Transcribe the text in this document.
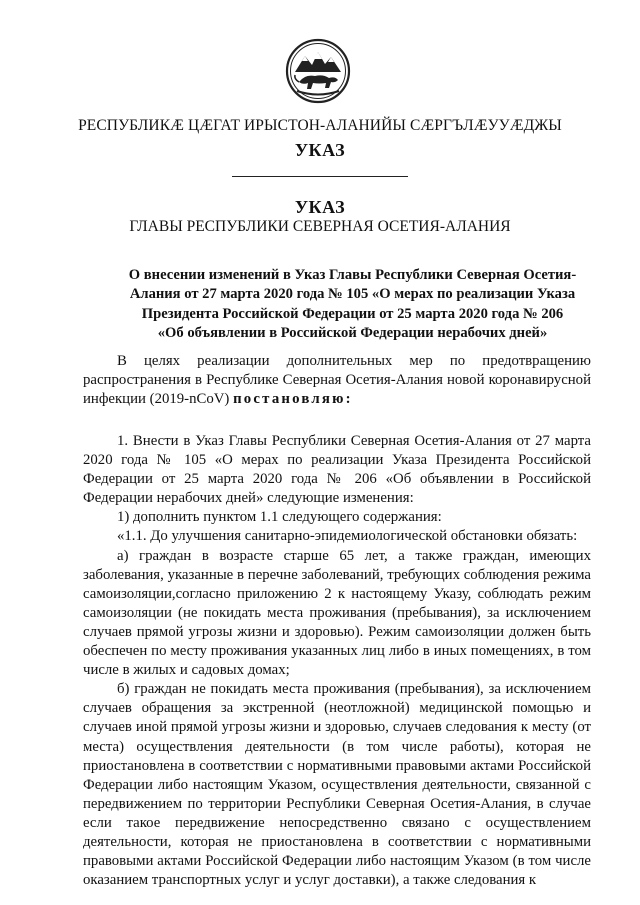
РЕСПУБЛИКӔ ЦӔГАТ ИРЫСТОН-АЛАНИЙЫ СӔРГЪЛӔУУӔДЖЫ
УКАЗ
УКАЗ
ГЛАВЫ РЕСПУБЛИКИ СЕВЕРНАЯ ОСЕТИЯ-АЛАНИЯ
О внесении изменений в Указ Главы Республики Северная Осетия-
Алания от 27 марта 2020 года № 105 «О мерах по реализации Указа
Президента Российской Федерации от 25 марта 2020 года № 206
«Об объявлении в Российской Федерации нерабочих дней»

В целях реализации дополнительных мер по предотвращению распространения в Республике Северная Осетия-Алания новой коронавирусной инфекции (2019-nCoV) постановляю:

1. Внести в Указ Главы Республики Северная Осетия-Алания от 27 марта 2020 года № 105 «О мерах по реализации Указа Президента Российской Федерации от 25 марта 2020 года № 206 «Об объявлении в Российской Федерации нерабочих дней» следующие изменения:

1) дополнить пунктом 1.1 следующего содержания:

«1.1. До улучшения санитарно-эпидемиологической обстановки обязать:

а) граждан в возрасте старше 65 лет, а также граждан, имеющих заболевания, указанные в перечне заболеваний, требующих соблюдения режима самоизоляции,согласно приложению 2 к настоящему Указу, соблюдать режим самоизоляции (не покидать места проживания (пребывания), за исключением случаев прямой угрозы жизни и здоровью). Режим самоизоляции должен быть обеспечен по месту проживания указанных лиц либо в иных помещениях, в том числе в жилых и садовых домах;

б) граждан не покидать места проживания (пребывания), за исключением случаев обращения за экстренной (неотложной) медицинской помощью и случаев иной прямой угрозы жизни и здоровью, случаев следования к месту (от места) осуществления деятельности (в том числе работы), которая не приостановлена в соответствии с нормативными правовыми актами Российской Федерации либо настоящим Указом, осуществления деятельности, связанной с передвижением по территории Республики Северная Осетия-Алания, в случае если такое передвижение непосредственно связано с осуществлением деятельности, которая не приостановлена в соответствии с нормативными правовыми актами Российской Федерации либо настоящим Указом (в том числе оказанием транспортных услуг и услуг доставки), а также следования к
